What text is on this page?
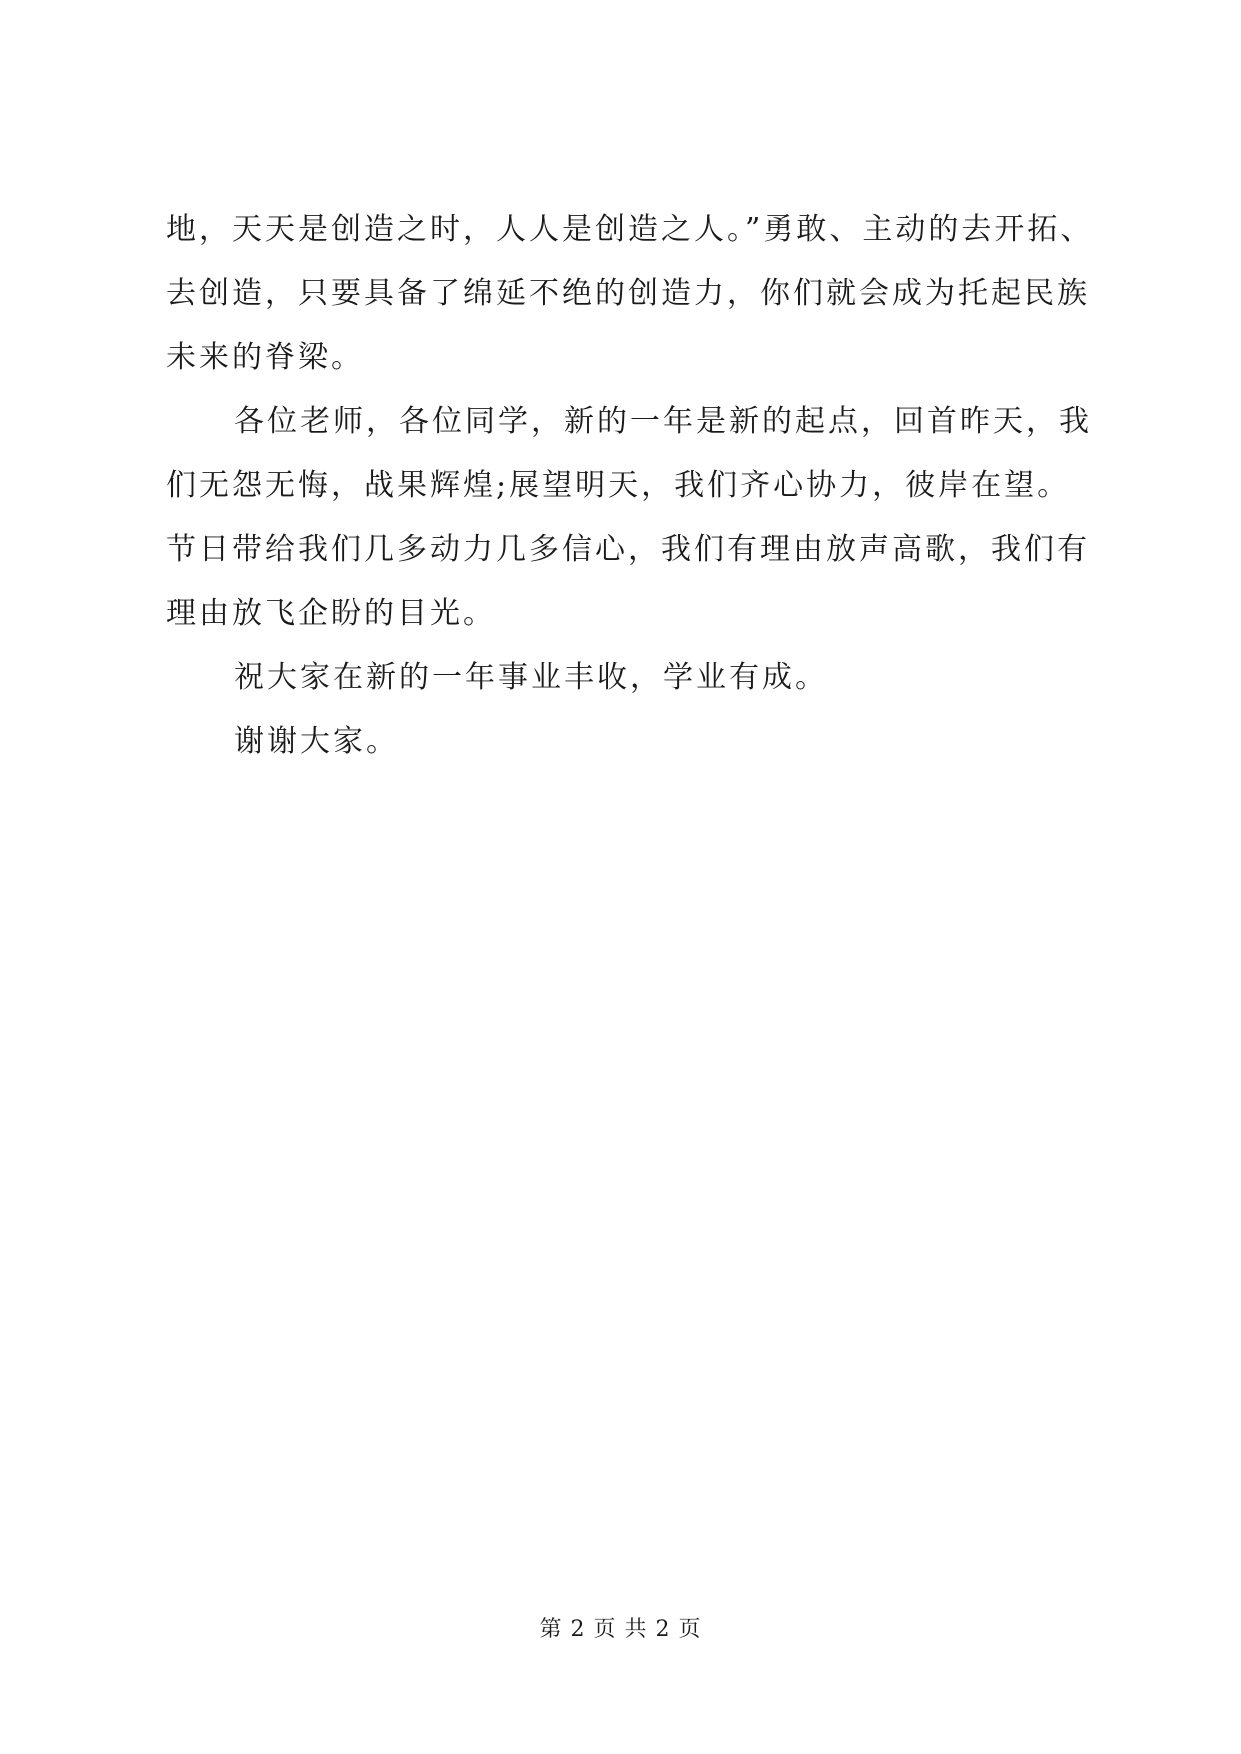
地，天天是创造之时，人人是创造之人。”勇敢、主动的去开拓、
去创造，只要具备了绵延不绝的创造力，你们就会成为托起民族
未来的脊梁。
各位老师，各位同学，新的一年是新的起点，回首昨天，我
们无怨无悔，战果辉煌;展望明天，我们齐心协力，彼岸在望。
节日带给我们几多动力几多信心，我们有理由放声高歌，我们有
理由放飞企盼的目光。
祝大家在新的一年事业丰收，学业有成。
谢谢大家。
第 2 页 共 2 页
